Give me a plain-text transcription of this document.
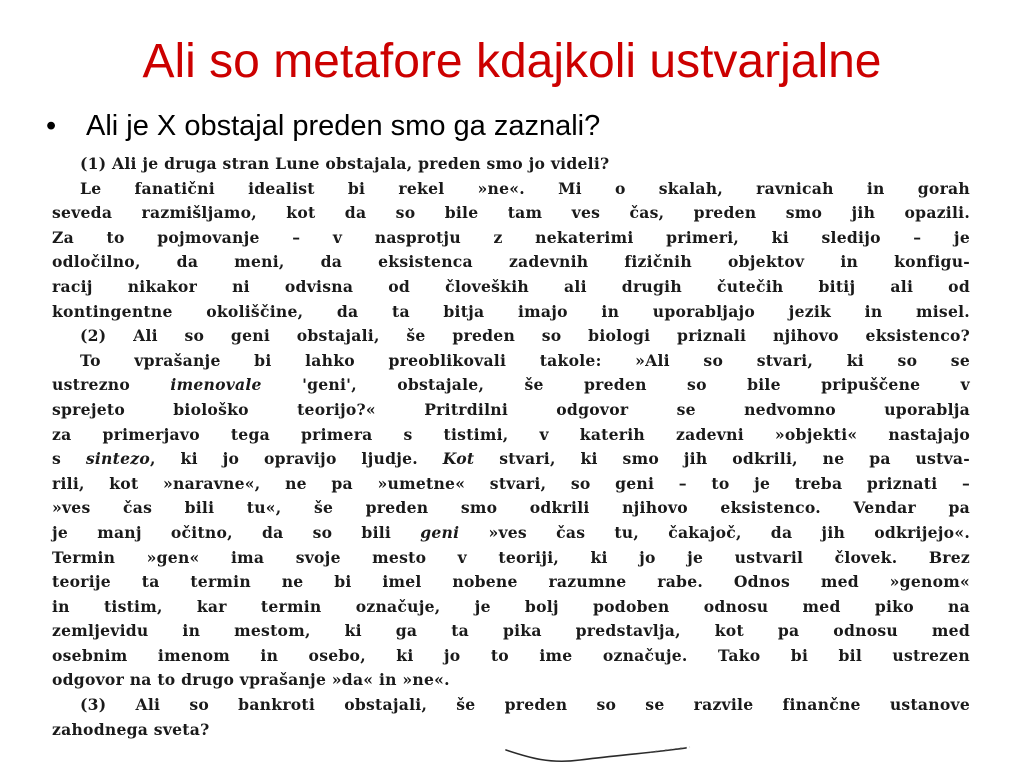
Ali so metafore kdajkoli ustvarjalne
• Ali je X obstajal preden smo ga zaznali?

(1) Ali je druga stran Lune obstajala, preden smo jo videli?

Le fanatični idealist bi rekel »ne«. Mi o skalah, ravnicah in gorah

seveda razmišljamo, kot da so bile tam ves čas, preden smo jih opazili.

Za to pojmovanje – v nasprotju z nekaterimi primeri, ki sledijo – je

odločilno, da meni, da eksistenca zadevnih fizičnih objektov in konfigu-

racij nikakor ni odvisna od človeških ali drugih čutečih bitij ali od

kontingentne okoliščine, da ta bitja imajo in uporabljajo jezik in misel.

(2) Ali so geni obstajali, še preden so biologi priznali njihovo eksistenco?

To vprašanje bi lahko preoblikovali takole: »Ali so stvari, ki so se

ustrezno imenovale 'geni', obstajale, še preden so bile pripuščene v

sprejeto biološko teorijo?« Pritrdilni odgovor se nedvomno uporablja

za primerjavo tega primera s tistimi, v katerih zadevni »objekti« nastajajo

s sintezo, ki jo opravijo ljudje. Kot stvari, ki smo jih odkrili, ne pa ustva-

rili, kot »naravne«, ne pa »umetne« stvari, so geni – to je treba priznati –

»ves čas bili tu«, še preden smo odkrili njihovo eksistenco. Vendar pa

je manj očitno, da so bili geni »ves čas tu, čakajoč, da jih odkrijejo«.

Termin »gen« ima svoje mesto v teoriji, ki jo je ustvaril človek. Brez

teorije ta termin ne bi imel nobene razumne rabe. Odnos med »genom«

in tistim, kar termin označuje, je bolj podoben odnosu med piko na

zemljevidu in mestom, ki ga ta pika predstavlja, kot pa odnosu med

osebnim imenom in osebo, ki jo to ime označuje. Tako bi bil ustrezen

odgovor na to drugo vprašanje »da« in »ne«.

(3) Ali so bankroti obstajali, še preden so se razvile finančne ustanove

zahodnega sveta?
